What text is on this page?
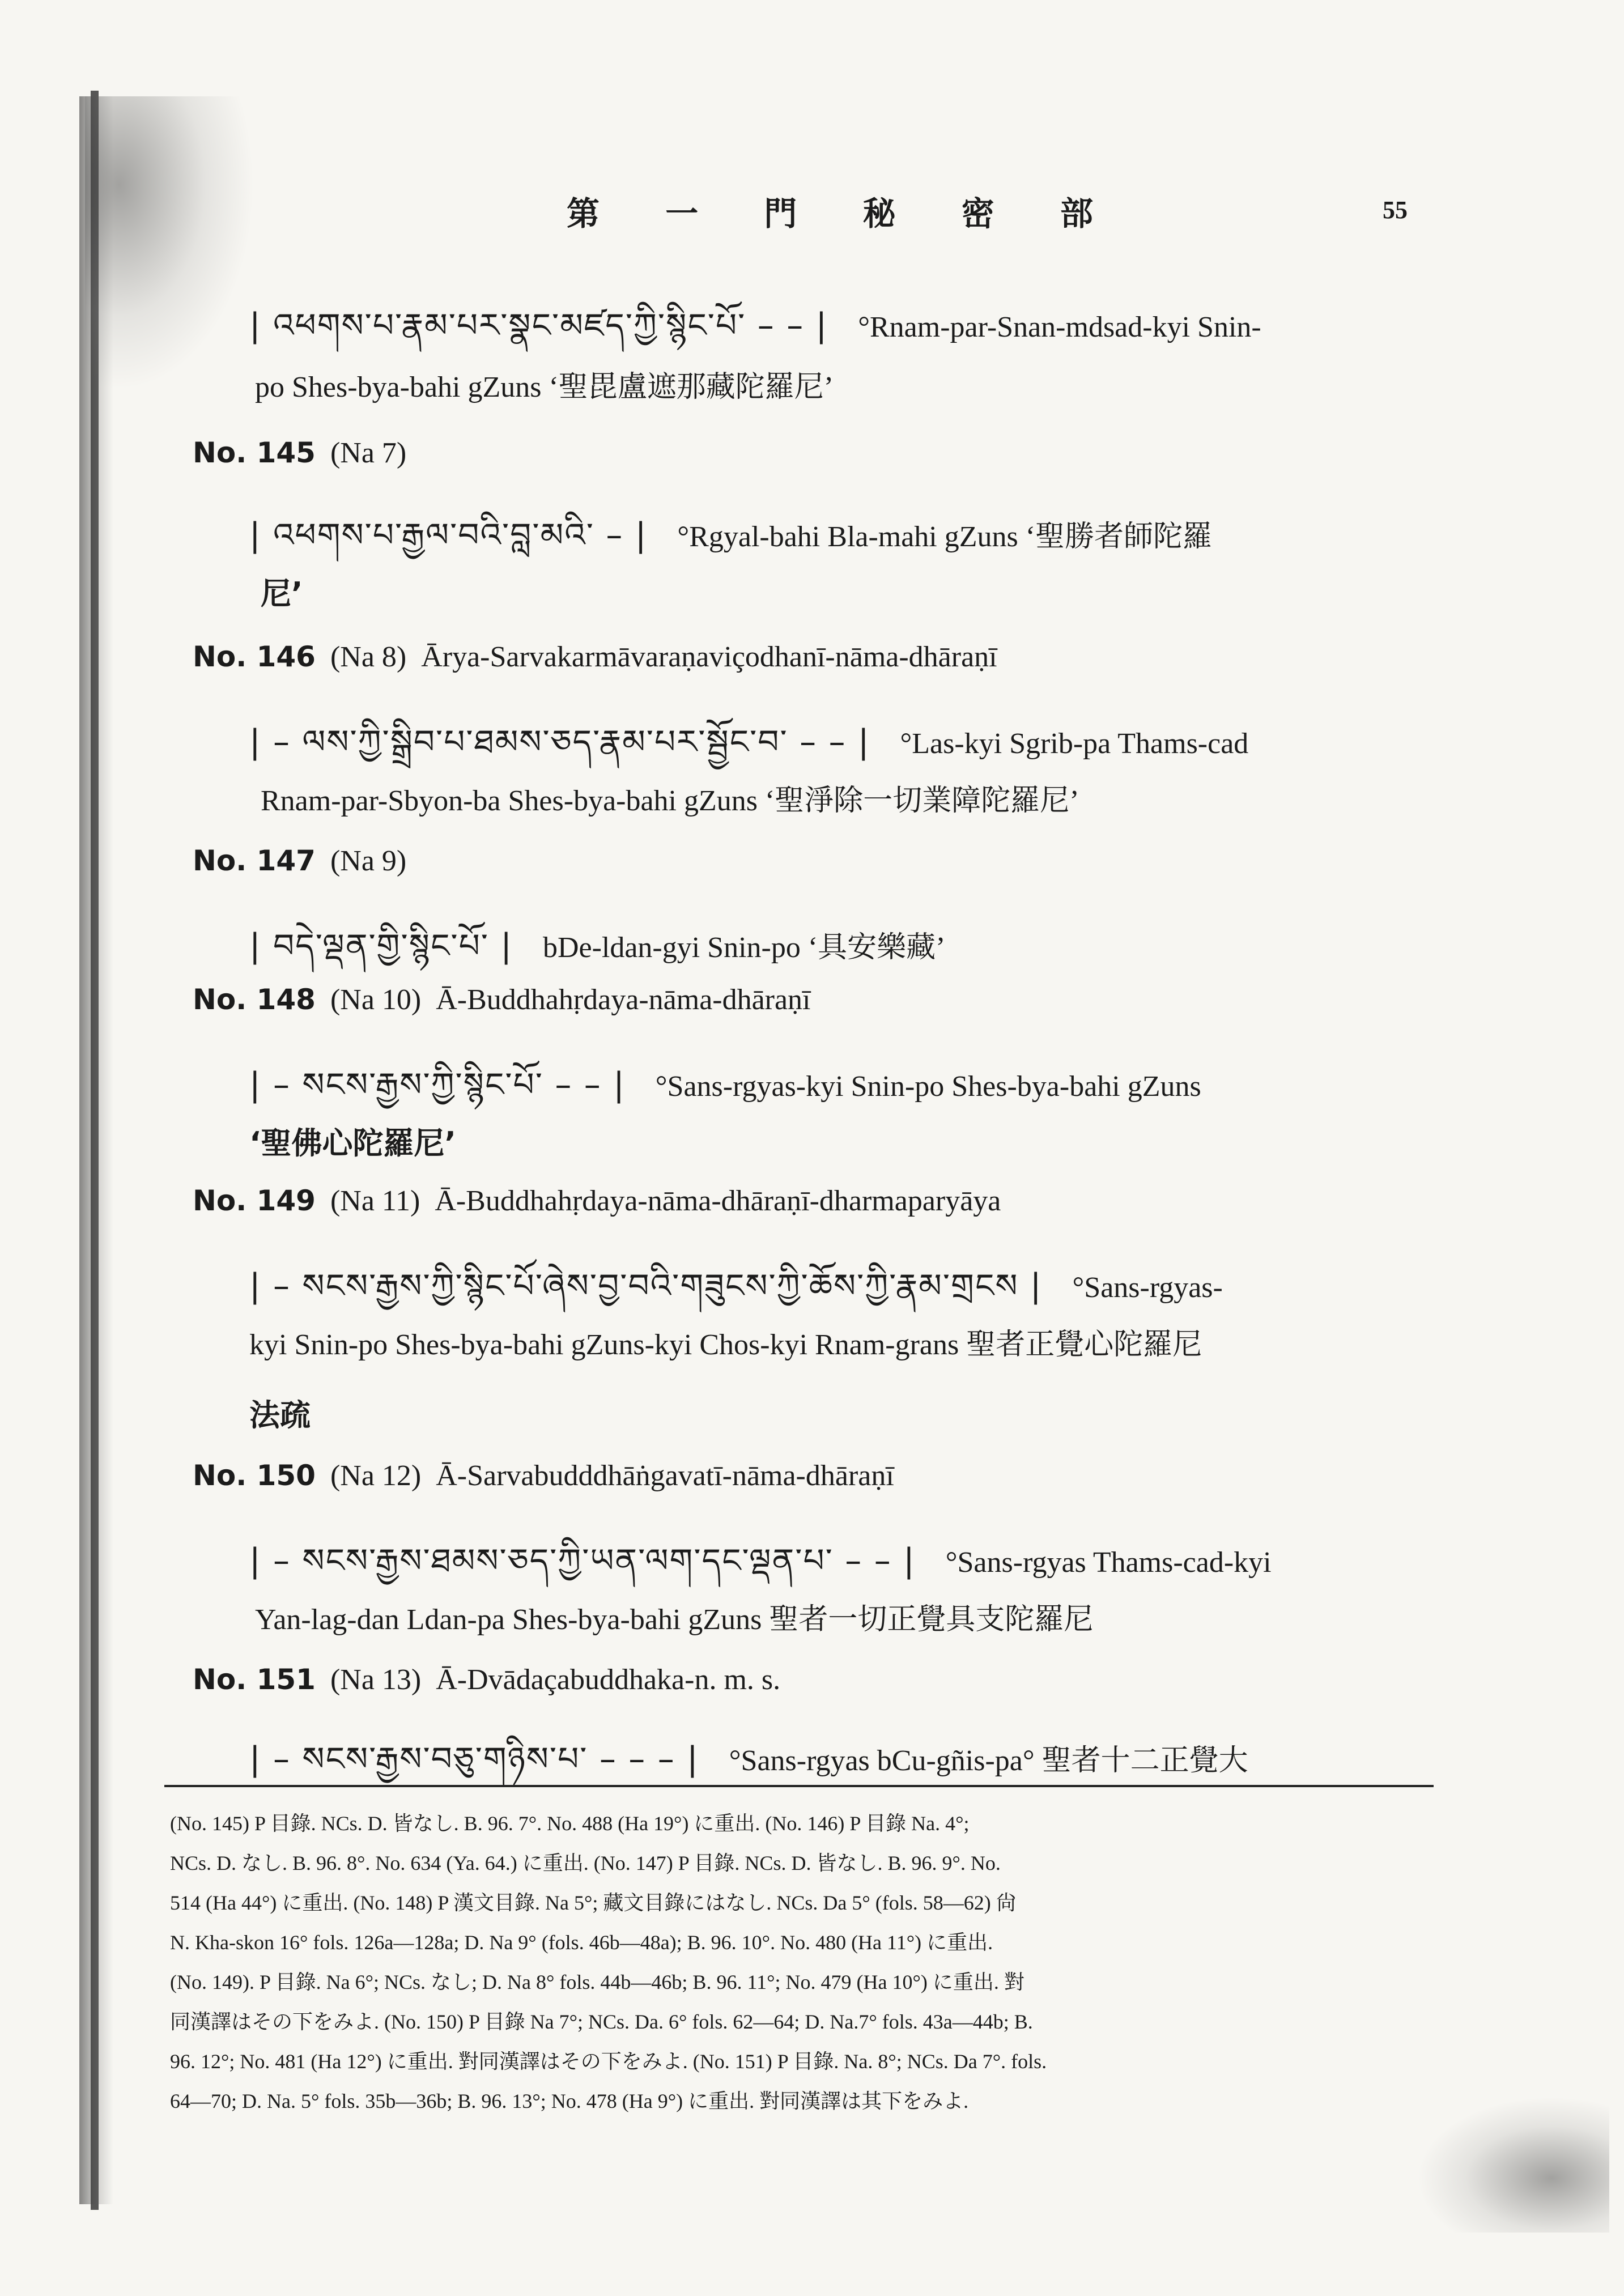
第 一 門 秘 密 部	55
| འཕགས་པ་རྣམ་པར་སྣང་མཛད་ཀྱི་སྙིང་པོ་ – – | °Rnam-par-Snan-mdsad-kyi Snin-
po Shes-bya-bahi gZuns ‘聖毘盧遮那藏陀羅尼’
No. 145 (Na 7)
| འཕགས་པ་རྒྱལ་བའི་བླ་མའི་ – | °Rgyal-bahi Bla-mahi gZuns ‘聖勝者師陀羅
尼’
No. 146 (Na 8) Ārya-Sarvakarmāvaraṇaviçodhanī-nāma-dhāraṇī
| – ལས་ཀྱི་སྒྲིབ་པ་ཐམས་ཅད་རྣམ་པར་སྦྱོང་བ་ – – | °Las-kyi Sgrib-pa Thams-cad
Rnam-par-Sbyon-ba Shes-bya-bahi gZuns ‘聖淨除一切業障陀羅尼’
No. 147 (Na 9)
| བདེ་ལྡན་གྱི་སྙིང་པོ་ | bDe-ldan-gyi Snin-po ‘具安樂藏’
No. 148 (Na 10) Ā-Buddhahṛdaya-nāma-dhāraṇī
| – སངས་རྒྱས་ཀྱི་སྙིང་པོ་ – – | °Sans-rgyas-kyi Snin-po Shes-bya-bahi gZuns
‘聖佛心陀羅尼’
No. 149 (Na 11) Ā-Buddhahṛdaya-nāma-dhāraṇī-dharmaparyāya
| – སངས་རྒྱས་ཀྱི་སྙིང་པོ་ཞེས་བྱ་བའི་གཟུངས་ཀྱི་ཆོས་ཀྱི་རྣམ་གྲངས | °Sans-rgyas-
kyi Snin-po Shes-bya-bahi gZuns-kyi Chos-kyi Rnam-grans 聖者正覺心陀羅尼
法疏
No. 150 (Na 12) Ā-Sarvabudddhāṅgavatī-nāma-dhāraṇī
| – སངས་རྒྱས་ཐམས་ཅད་ཀྱི་ཡན་ལག་དང་ལྡན་པ་ – – | °Sans-rgyas Thams-cad-kyi
Yan-lag-dan Ldan-pa Shes-bya-bahi gZuns 聖者一切正覺具支陀羅尼
No. 151 (Na 13) Ā-Dvādaçabuddhaka-n. m. s.
| – སངས་རྒྱས་བཅུ་གཉིས་པ་ – – – | °Sans-rgyas bCu-gñis-pa° 聖者十二正覺大
(No. 145) P 目錄. NCs. D. 皆なし. B. 96. 7°. No. 488 (Ha 19°) に重出. (No. 146) P 目錄 Na. 4°;
NCs. D. なし. B. 96. 8°. No. 634 (Ya. 64.) に重出. (No. 147) P 目錄. NCs. D. 皆なし. B. 96. 9°. No.
514 (Ha 44°) に重出. (No. 148) P 漢文目錄. Na 5°; 藏文目錄にはなし. NCs. Da 5° (fols. 58—62) 尙
N. Kha-skon 16° fols. 126a—128a; D. Na 9° (fols. 46b—48a); B. 96. 10°. No. 480 (Ha 11°) に重出.
(No. 149). P 目錄. Na 6°; NCs. なし; D. Na 8° fols. 44b—46b; B. 96. 11°; No. 479 (Ha 10°) に重出. 對
同漢譯はその下をみよ. (No. 150) P 目錄 Na 7°; NCs. Da. 6° fols. 62—64; D. Na.7° fols. 43a—44b; B.
96. 12°; No. 481 (Ha 12°) に重出. 對同漢譯はその下をみよ. (No. 151) P 目錄. Na. 8°; NCs. Da 7°. fols.
64—70; D. Na. 5° fols. 35b—36b; B. 96. 13°; No. 478 (Ha 9°) に重出. 對同漢譯は其下をみよ.
